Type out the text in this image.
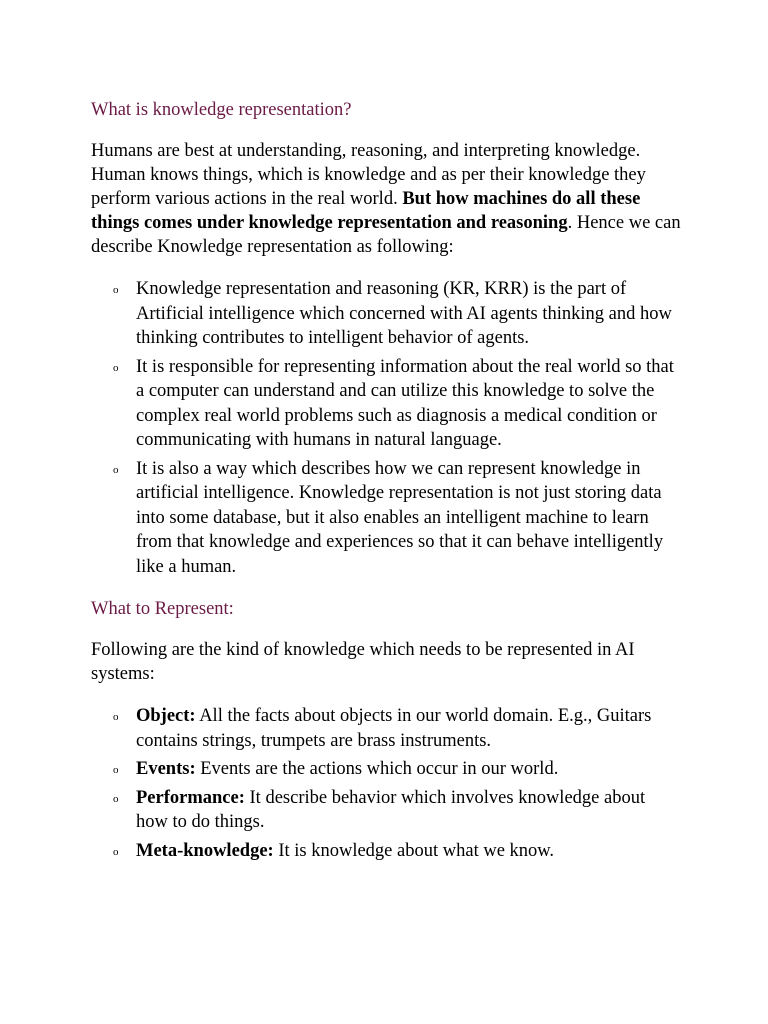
What is knowledge representation?

Humans are best at understanding, reasoning, and interpreting knowledge. Human knows things, which is knowledge and as per their knowledge they perform various actions in the real world. But how machines do all these things comes under knowledge representation and reasoning. Hence we can describe Knowledge representation as following:

o Knowledge representation and reasoning (KR, KRR) is the part of Artificial intelligence which concerned with AI agents thinking and how thinking contributes to intelligent behavior of agents.
o It is responsible for representing information about the real world so that a computer can understand and can utilize this knowledge to solve the complex real world problems such as diagnosis a medical condition or communicating with humans in natural language.
o It is also a way which describes how we can represent knowledge in artificial intelligence. Knowledge representation is not just storing data into some database, but it also enables an intelligent machine to learn from that knowledge and experiences so that it can behave intelligently like a human.
What to Represent:

Following are the kind of knowledge which needs to be represented in AI systems:

o Object: All the facts about objects in our world domain. E.g., Guitars contains strings, trumpets are brass instruments.
o Events: Events are the actions which occur in our world.
o Performance: It describe behavior which involves knowledge about how to do things.
o Meta-knowledge: It is knowledge about what we know.
